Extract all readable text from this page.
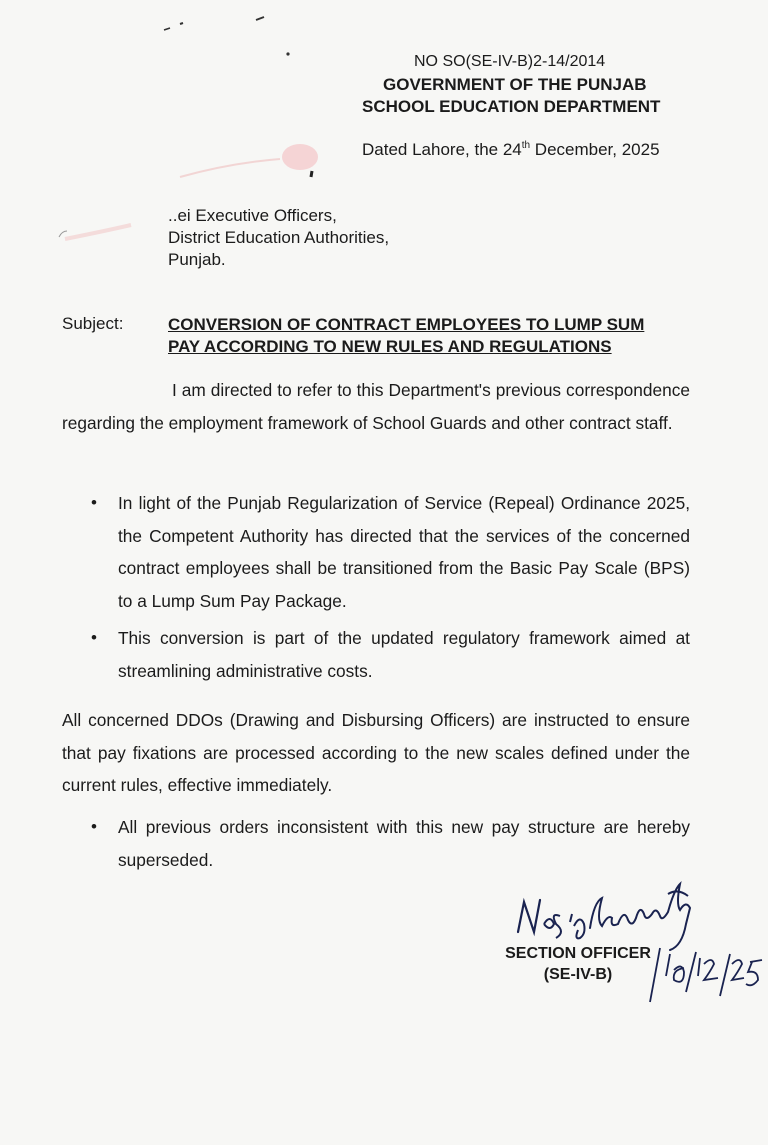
NO SO(SE-IV-B)2-14/2014
GOVERNMENT OF THE PUNJAB
SCHOOL EDUCATION DEPARTMENT
Dated Lahore, the 24th December, 2025
..ei Executive Officers,
District Education Authorities,
Punjab.
Subject:	CONVERSION OF CONTRACT EMPLOYEES TO LUMP SUM
PAY ACCORDING TO NEW RULES AND REGULATIONS
I am directed to refer to this Department's previous correspondence regarding the employment framework of School Guards and other contract staff.
• In light of the Punjab Regularization of Service (Repeal) Ordinance 2025, the Competent Authority has directed that the services of the concerned contract employees shall be transitioned from the Basic Pay Scale (BPS) to a Lump Sum Pay Package.
• This conversion is part of the updated regulatory framework aimed at streamlining administrative costs.
All concerned DDOs (Drawing and Disbursing Officers) are instructed to ensure that pay fixations are processed according to the new scales defined under the current rules, effective immediately.
• All previous orders inconsistent with this new pay structure are hereby superseded.
SECTION OFFICER
(SE-IV-B)
